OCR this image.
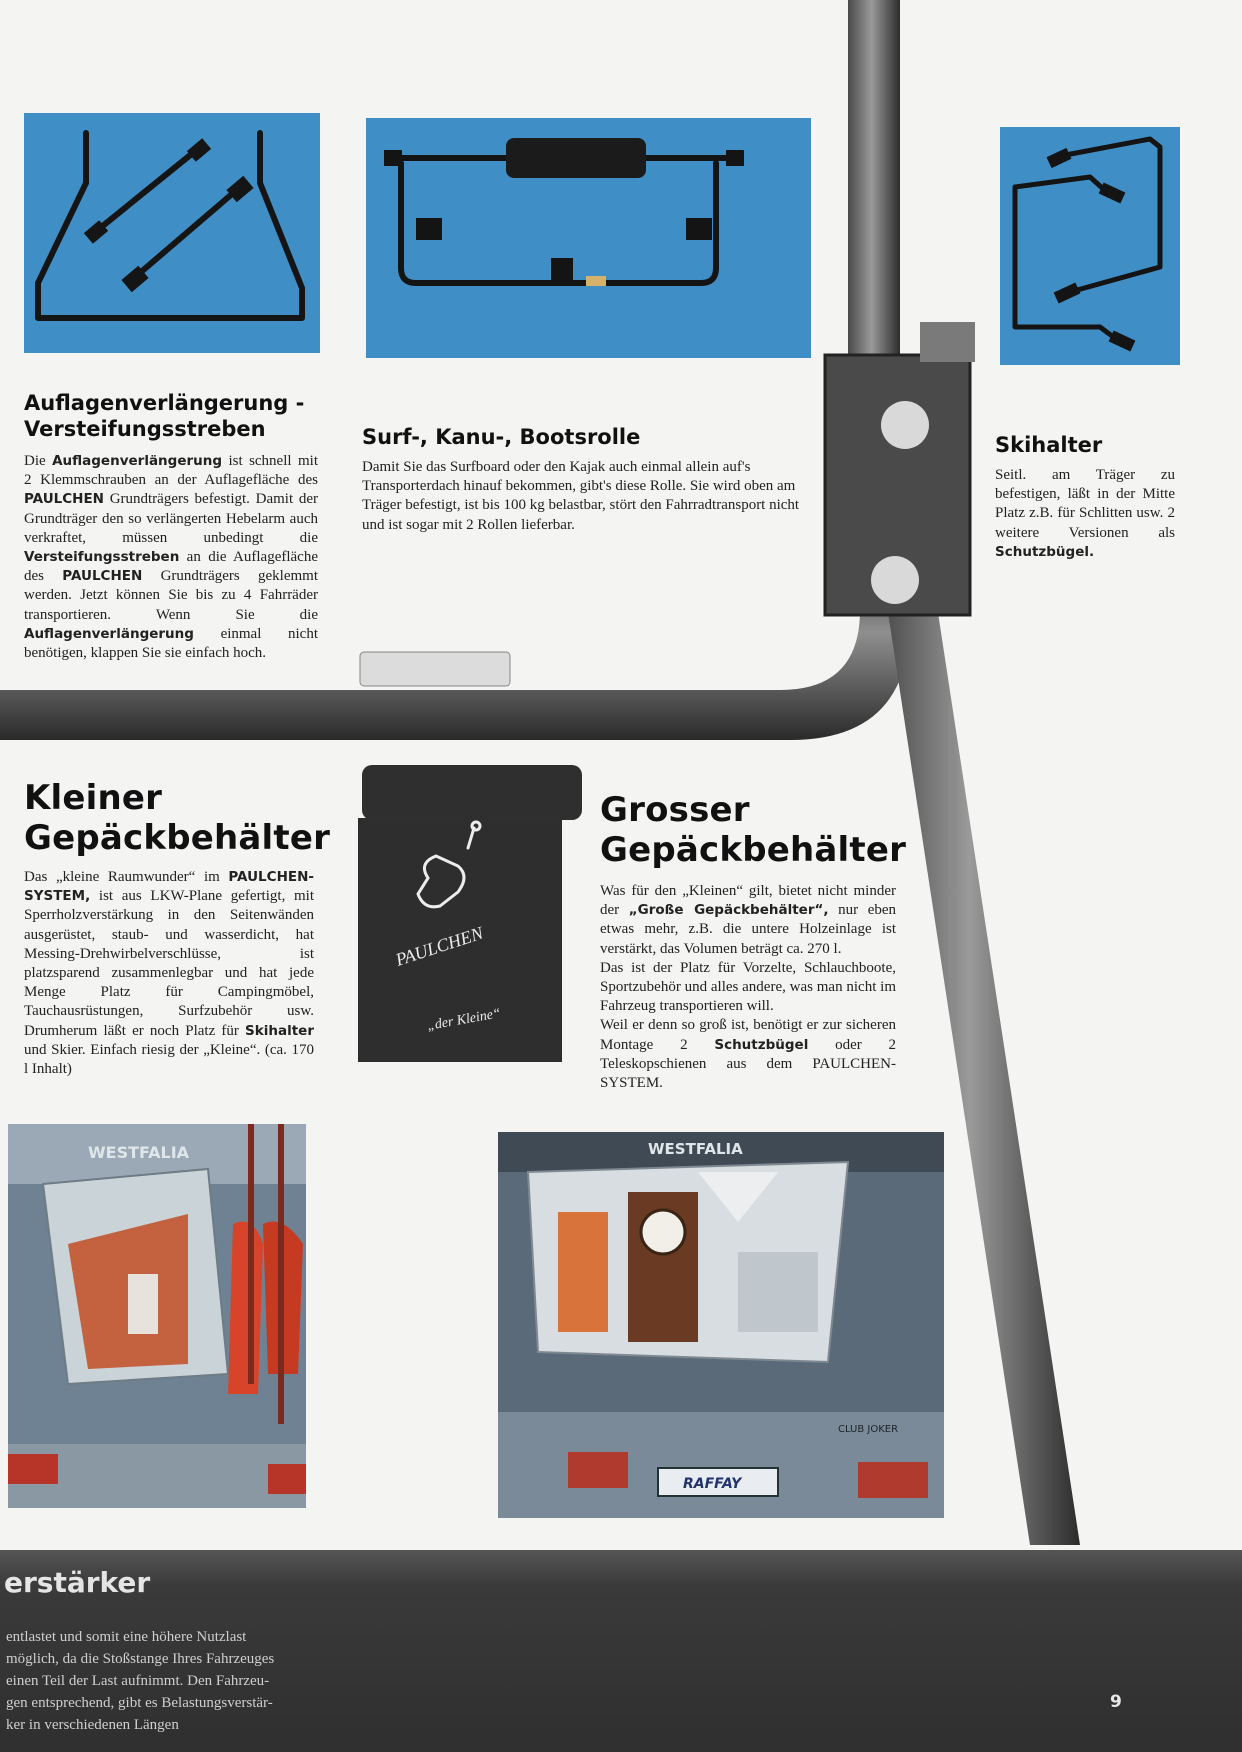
Auflagenverlängerung -
Versteifungsstreben

Die Auflagenverlängerung ist schnell mit 2 Klemmschrauben an der Auflagefläche des PAULCHEN Grundträgers befestigt. Damit der Grundträger den so verlängerten Hebelarm auch verkraftet, müssen unbedingt die Versteifungsstreben an die Auflagefläche des PAULCHEN Grundträgers geklemmt werden. Jetzt können Sie bis zu 4 Fahrräder transportieren. Wenn Sie die Auflagenverlängerung einmal nicht benötigen, klappen Sie sie einfach hoch.

Surf-, Kanu-, Bootsrolle

Damit Sie das Surfboard oder den Kajak auch einmal allein auf's Transporterdach hinauf bekommen, gibt's diese Rolle. Sie wird oben am Träger befestigt, ist bis 100 kg belastbar, stört den Fahrradtransport nicht und ist sogar mit 2 Rollen lieferbar.

Skihalter

Seitl. am Träger zu befestigen, läßt in der Mitte Platz z.B. für Schlitten usw. 2 weitere Versionen als Schutzbügel.

PAULCHEN
„der Kleine“
Kleiner
Gepäckbehälter

Das „kleine Raumwunder“ im PAULCHEN-SYSTEM, ist aus LKW-Plane gefertigt, mit Sperrholzverstärkung in den Seitenwänden ausgerüstet, staub- und wasserdicht, hat Messing-Drehwirbelverschlüsse, ist platzsparend zusammenlegbar und hat jede Menge Platz für Campingmöbel, Tauchausrüstungen, Surfzubehör usw. Drumherum läßt er noch Platz für Skihalter und Skier. Einfach riesig der „Kleine“. (ca. 170 l Inhalt)

Grosser
Gepäckbehälter

Was für den „Kleinen“ gilt, bietet nicht minder der „Große Gepäckbehälter“, nur eben etwas mehr, z.B. die untere Holzeinlage ist verstärkt, das Volumen beträgt ca. 270 l.

Das ist der Platz für Vorzelte, Schlauchboote, Sportzubehör und alles andere, was man nicht im Fahrzeug transportieren will.

Weil er denn so groß ist, benötigt er zur sicheren Montage 2 Schutzbügel oder 2 Teleskopschienen aus dem PAULCHEN-SYSTEM.

WESTFALIA	WESTFALIA
RAFFAY
CLUB JOKER
erstärker
entlastet und somit eine höhere Nutzlast
möglich, da die Stoßstange Ihres Fahrzeuges
einen Teil der Last aufnimmt. Den Fahrzeu-
gen entsprechend, gibt es Belastungsverstär-
ker in verschiedenen Längen
9
